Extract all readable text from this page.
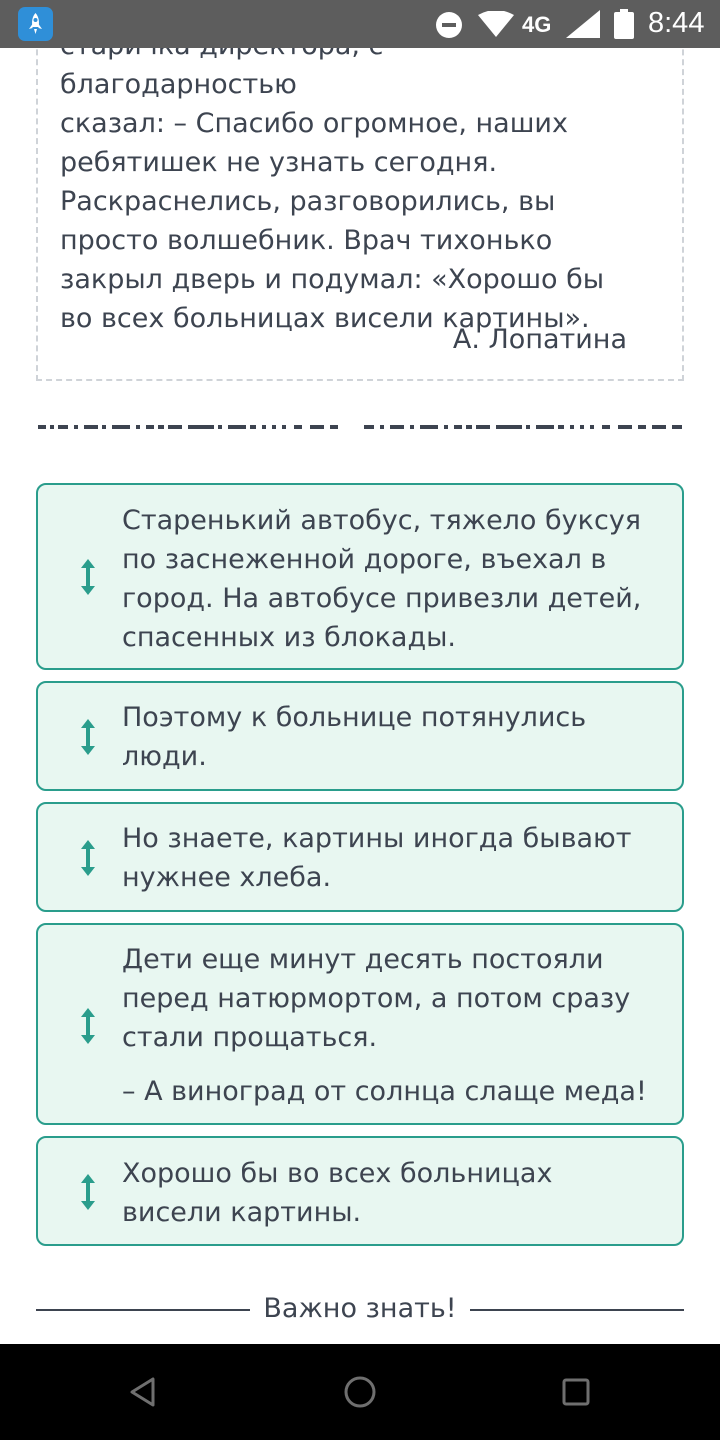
благодарностью

сказал: – Спасибо огромное, наших

ребятишек не узнать сегодня.

Раскраснелись, разговорились, вы

просто волшебник. Врач тихонько

закрыл дверь и подумал: «Хорошо бы

во всех больницах висели картины».

А. Лопатина
4G	8:44
Старенький автобус, тяжело буксуя по заснеженной дороге, въехал в город. На автобусе привезли детей, спасенных из блокады.
Поэтому к больнице потянулись люди.
Но знаете, картины иногда бывают нужнее хлеба.
Дети еще минут десять постояли перед натюрмортом, а потом сразу стали прощаться.
– А виноград от солнца слаще меда!
Хорошо бы во всех больницах висели картины.
Важно знать!
